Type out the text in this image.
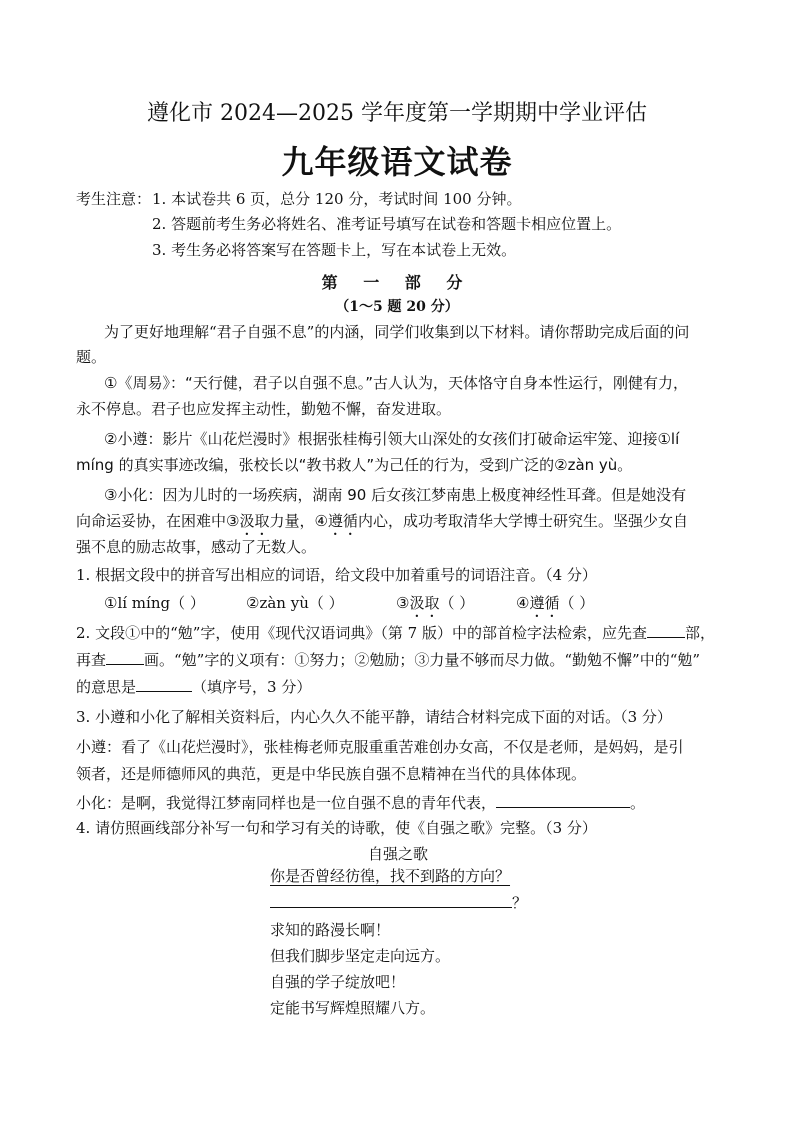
遵化市 2024—2025 学年度第一学期期中学业评估
九年级语文试卷
考生注意： 1. 本试卷共 6 页，总分 120 分，考试时间 100 分钟。
2. 答题前考生务必将姓名、准考证号填写在试卷和答题卡相应位置上。
3. 考生务必将答案写在答题卡上，写在本试卷上无效。
第 一 部 分
（1～5 题 20 分）
为了更好地理解“君子自强不息”的内涵，同学们收集到以下材料。请你帮助完成后面的问
题。
①《周易》：“天行健，君子以自强不息。”古人认为，天体恪守自身本性运行，刚健有力，
永不停息。君子也应发挥主动性，勤勉不懈，奋发进取。
②小遵：影片《山花烂漫时》根据张桂梅引领大山深处的女孩们打破命运牢笼、迎接①lí
míng 的真实事迹改编，张校长以“教书救人”为己任的行为，受到广泛的②zàn yù。
③小化：因为儿时的一场疾病，湖南 90 后女孩江梦南患上极度神经性耳聋。但是她没有
向命运妥协，在困难中③汲取力量，④遵循内心，成功考取清华大学博士研究生。坚强少女自
强不息的励志故事，感动了无数人。
1. 根据文段中的拼音写出相应的词语，给文段中加着重号的词语注音。（4 分）
①lí míng（ ）	②zàn yù（ ）	③汲取（ ）	④遵循（ ）
2. 文段①中的“勉”字，使用《现代汉语词典》（第 7 版）中的部首检字法检索，应先查	部，
再查	画。“勉”字的义项有：①努力；②勉励；③力量不够而尽力做。“勤勉不懈”中的“勉”
的意思是	（填序号，3 分）
3. 小遵和小化了解相关资料后，内心久久不能平静，请结合材料完成下面的对话。（3 分）
小遵：看了《山花烂漫时》，张桂梅老师克服重重苦难创办女高，不仅是老师，是妈妈，是引
领者，还是师德师风的典范，更是中华民族自强不息精神在当代的具体体现。
小化：是啊，我觉得江梦南同样也是一位自强不息的青年代表，	。
4. 请仿照画线部分补写一句和学习有关的诗歌，使《自强之歌》完整。（3 分）
自强之歌
你是否曾经彷徨，找不到路的方向？
？
求知的路漫长啊！
但我们脚步坚定走向远方。
自强的学子绽放吧！
定能书写辉煌照耀八方。
